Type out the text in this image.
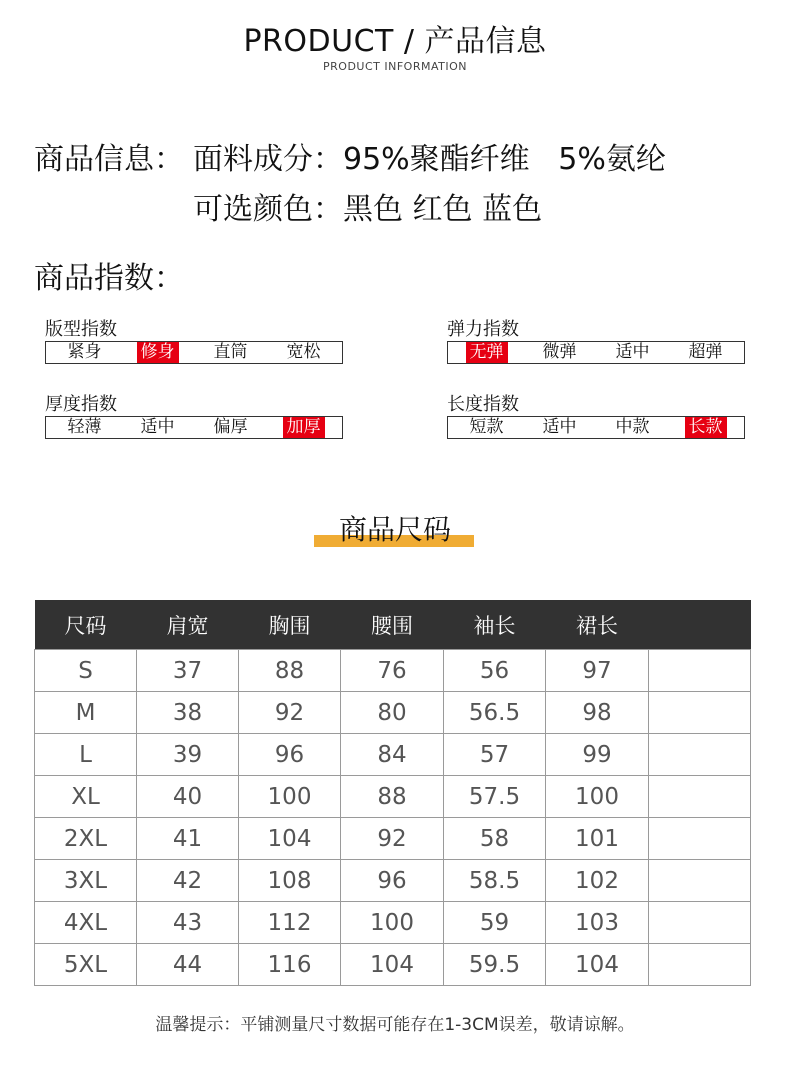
PRODUCT / 产品信息
PRODUCT INFORMATION
商品信息： 面料成分：95%聚酯纤维   5%氨纶
可选颜色：黑色 红色 蓝色
商品指数：
版型指数
紧身 修身 直筒 宽松
弹力指数
无弹 微弹 适中 超弹
厚度指数
轻薄 适中 偏厚 加厚
长度指数
短款 适中 中款 长款
商品尺码
尺码	肩宽	胸围	腰围	袖长	裙长	
S	37	88	76	56	97	
M	38	92	80	56.5	98	
L	39	96	84	57	99	
XL	40	100	88	57.5	100	
2XL	41	104	92	58	101	
3XL	42	108	96	58.5	102	
4XL	43	112	100	59	103	
5XL	44	116	104	59.5	104	
温馨提示：平铺测量尺寸数据可能存在1-3CM误差，敬请谅解。
